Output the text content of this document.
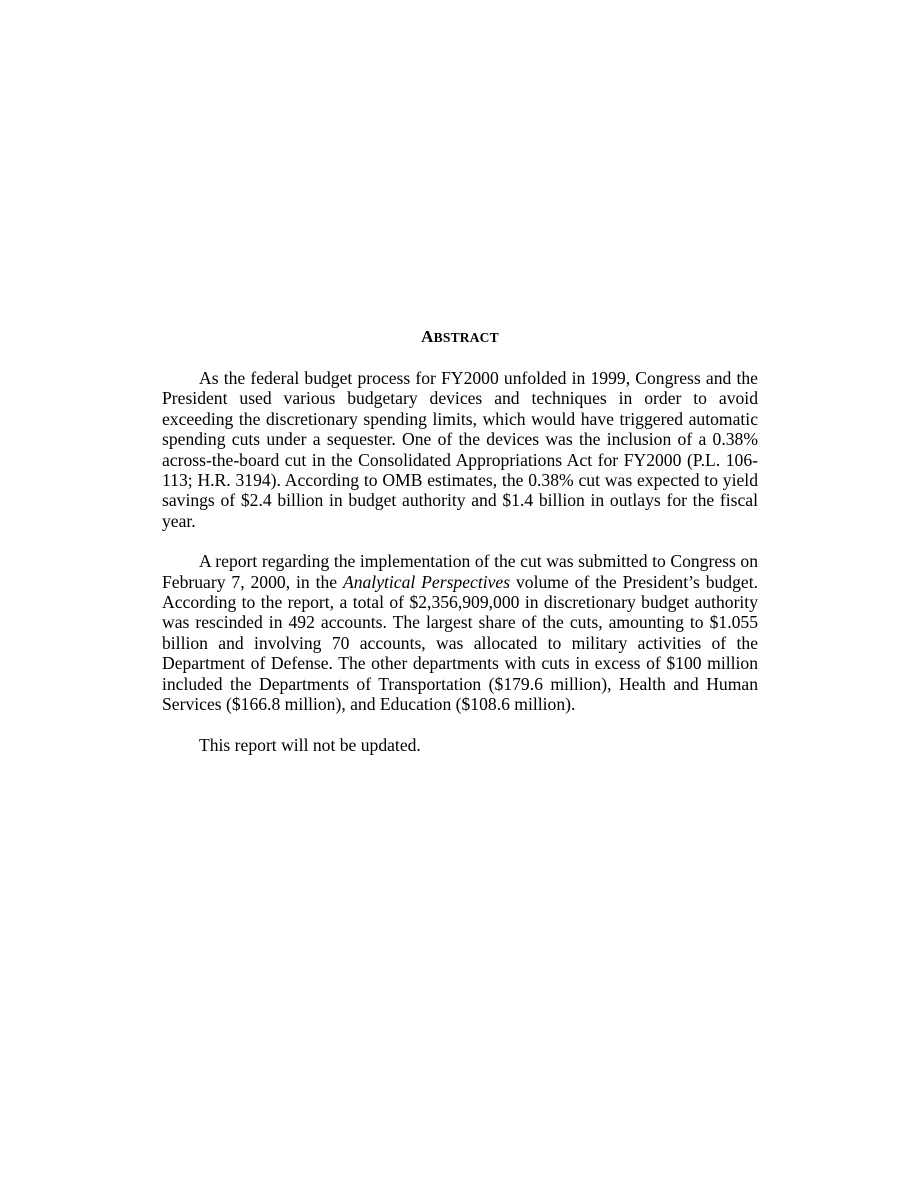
ABSTRACT

As the federal budget process for FY2000 unfolded in 1999, Congress and the President used various budgetary devices and techniques in order to avoid exceeding the discretionary spending limits, which would have triggered automatic spending cuts under a sequester. One of the devices was the inclusion of a 0.38% across-the-board cut in the Consolidated Appropriations Act for FY2000 (P.L. 106-113; H.R. 3194). According to OMB estimates, the 0.38% cut was expected to yield savings of $2.4 billion in budget authority and $1.4 billion in outlays for the fiscal year.

A report regarding the implementation of the cut was submitted to Congress on February 7, 2000, in the Analytical Perspectives volume of the President’s budget. According to the report, a total of $2,356,909,000 in discretionary budget authority was rescinded in 492 accounts. The largest share of the cuts, amounting to $1.055 billion and involving 70 accounts, was allocated to military activities of the Department of Defense. The other departments with cuts in excess of $100 million included the Departments of Transportation ($179.6 million), Health and Human Services ($166.8 million), and Education ($108.6 million).

This report will not be updated.
